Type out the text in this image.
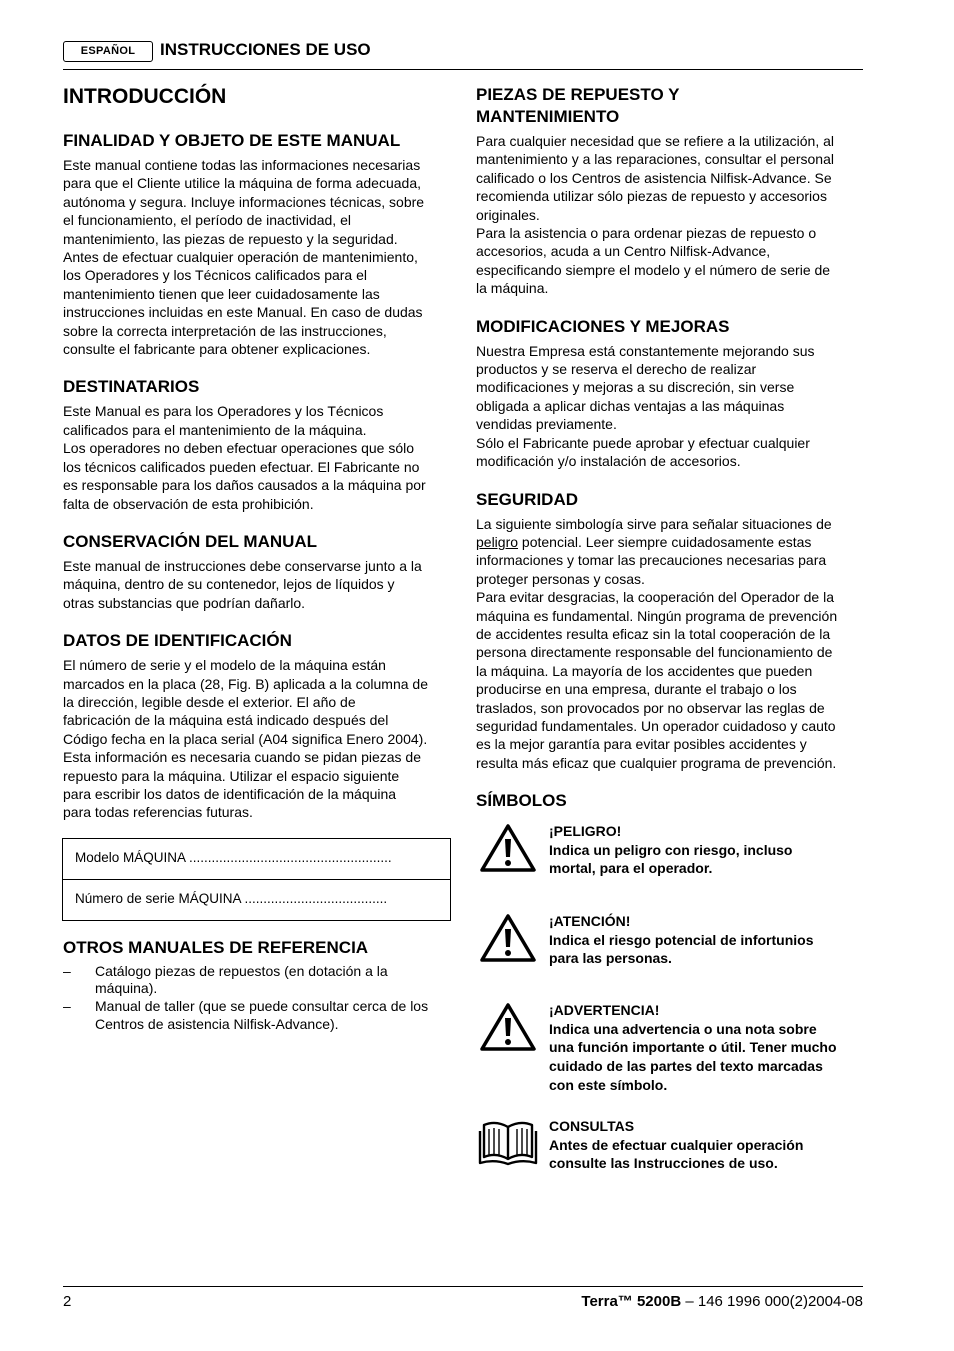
ESPAÑOL	INSTRUCCIONES DE USO
INTRODUCCIÓN
FINALIDAD Y OBJETO DE ESTE MANUAL

Este manual contiene todas las informaciones necesarias
para que el Cliente utilice la máquina de forma adecuada,
autónoma y segura. Incluye informaciones técnicas, sobre
el funcionamiento, el período de inactividad, el
mantenimiento, las piezas de repuesto y la seguridad.
Antes de efectuar cualquier operación de mantenimiento,
los Operadores y los Técnicos calificados para el
mantenimiento tienen que leer cuidadosamente las
instrucciones incluidas en este Manual. En caso de dudas
sobre la correcta interpretación de las instrucciones,
consulte el fabricante para obtener explicaciones.

DESTINATARIOS

Este Manual es para los Operadores y los Técnicos
calificados para el mantenimiento de la máquina.
Los operadores no deben efectuar operaciones que sólo
los técnicos calificados pueden efectuar. El Fabricante no
es responsable para los daños causados a la máquina por
falta de observación de esta prohibición.

CONSERVACIÓN DEL MANUAL

Este manual de instrucciones debe conservarse junto a la
máquina, dentro de su contenedor, lejos de líquidos y
otras substancias que podrían dañarlo.

DATOS DE IDENTIFICACIÓN

El número de serie y el modelo de la máquina están
marcados en la placa (28, Fig. B) aplicada a la columna de
la dirección, legible desde el exterior. El año de
fabricación de la máquina está indicado después del
Código fecha en la placa serial (A04 significa Enero 2004).
Esta información es necesaria cuando se pidan piezas de
repuesto para la máquina. Utilizar el espacio siguiente
para escribir los datos de identificación de la máquina
para todas referencias futuras.

Modelo MÁQUINA ......................................................
Número de serie MÁQUINA ......................................
OTROS MANUALES DE REFERENCIA
– Catálogo piezas de repuestos (en dotación a la
máquina).
– Manual de taller (que se puede consultar cerca de los
Centros de asistencia Nilfisk-Advance).
PIEZAS DE REPUESTO Y
MANTENIMIENTO

Para cualquier necesidad que se refiere a la utilización, al
mantenimiento y a las reparaciones, consultar el personal
calificado o los Centros de asistencia Nilfisk-Advance. Se
recomienda utilizar sólo piezas de repuesto y accesorios
originales.
Para la asistencia o para ordenar piezas de repuesto o
accesorios, acuda a un Centro Nilfisk-Advance,
especificando siempre el modelo y el número de serie de
la máquina.

MODIFICACIONES Y MEJORAS

Nuestra Empresa está constantemente mejorando sus
productos y se reserva el derecho de realizar
modificaciones y mejoras a su discreción, sin verse
obligada a aplicar dichas ventajas a las máquinas
vendidas previamente.
Sólo el Fabricante puede aprobar y efectuar cualquier
modificación y/o instalación de accesorios.

SEGURIDAD

La siguiente simbología sirve para señalar situaciones de
peligro potencial. Leer siempre cuidadosamente estas
informaciones y tomar las precauciones necesarias para
proteger personas y cosas.
Para evitar desgracias, la cooperación del Operador de la
máquina es fundamental. Ningún programa de prevención
de accidentes resulta eficaz sin la total cooperación de la
persona directamente responsable del funcionamiento de
la máquina. La mayoría de los accidentes que pueden
producirse en una empresa, durante el trabajo o los
traslados, son provocados por no observar las reglas de
seguridad fundamentales. Un operador cuidadoso y cauto
es la mejor garantía para evitar posibles accidentes y
resulta más eficaz que cualquier programa de prevención.

SÍMBOLOS
¡PELIGRO!
Indica un peligro con riesgo, incluso
mortal, para el operador.
¡ATENCIÓN!
Indica el riesgo potencial de infortunios
para las personas.
¡ADVERTENCIA!
Indica una advertencia o una nota sobre
una función importante o útil. Tener mucho
cuidado de las partes del texto marcadas
con este símbolo.
CONSULTAS
Antes de efectuar cualquier operación
consulte las Instrucciones de uso.
2	Terra™ 5200B – 146 1996 000(2)2004-08
